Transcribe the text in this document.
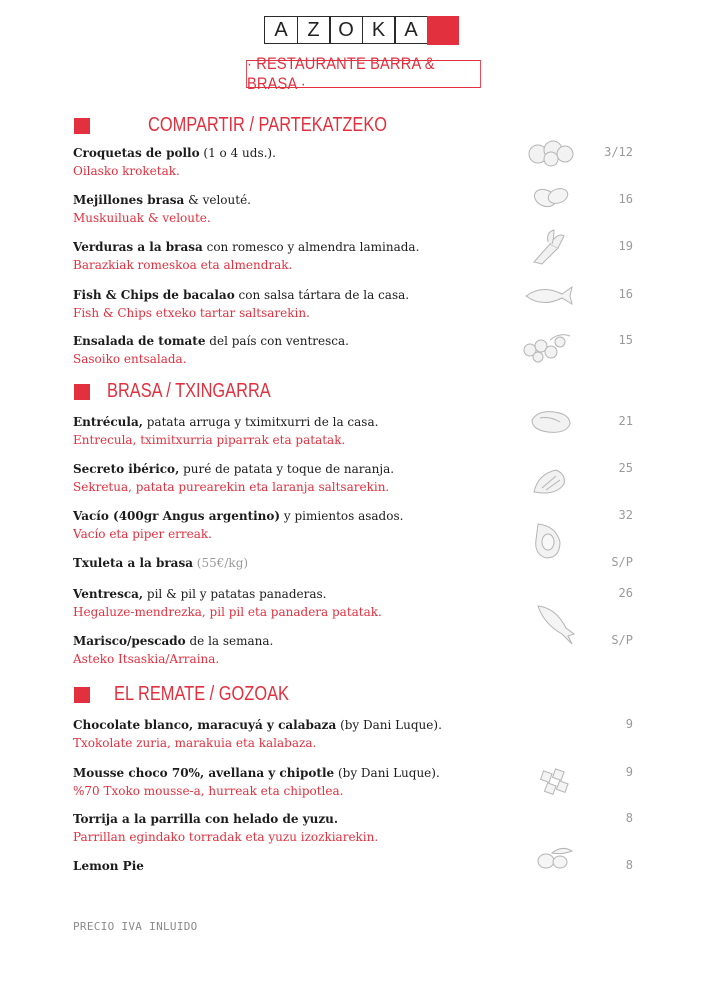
A Z O K A
· RESTAURANTE BARRA & BRASA ·
COMPARTIR / PARTEKATZEKO
Croquetas de pollo (1 o 4 uds.).
Oilasko kroketak.
3/12
Mejillones brasa & velouté.
Muskuiluak & veloute.
16
Verduras a la brasa con romesco y almendra laminada.
Barazkiak romeskoa eta almendrak.
19
Fish & Chips de bacalao con salsa tártara de la casa.
Fish & Chips etxeko tartar saltsarekin.
16
Ensalada de tomate del país con ventresca.
Sasoiko entsalada.
15
BRASA / TXINGARRA
Entrécula, patata arruga y tximitxurri de la casa.
Entrecula, tximitxurria piparrak eta patatak.
21
Secreto ibérico, puré de patata y toque de naranja.
Sekretua, patata purearekin eta laranja saltsarekin.
25
Vacío (400gr Angus argentino) y pimientos asados.
Vacío eta piper erreak.
32
Txuleta a la brasa (55€/kg)	S/P
Ventresca, pil & pil y patatas panaderas.
Hegaluze-mendrezka, pil pil eta panadera patatak.
26
Marisco/pescado de la semana.
Asteko Itsaskia/Arraina.
S/P
EL REMATE / GOZOAK
Chocolate blanco, maracuyá y calabaza (by Dani Luque).
Txokolate zuria, marakuia eta kalabaza.
9
Mousse choco 70%, avellana y chipotle (by Dani Luque).
%70 Txoko mousse-a, hurreak eta chipotlea.
9
Torrija a la parrilla con helado de yuzu.
Parrillan egindako torradak eta yuzu izozkiarekin.
8
Lemon Pie	8
PRECIO IVA INLUIDO
